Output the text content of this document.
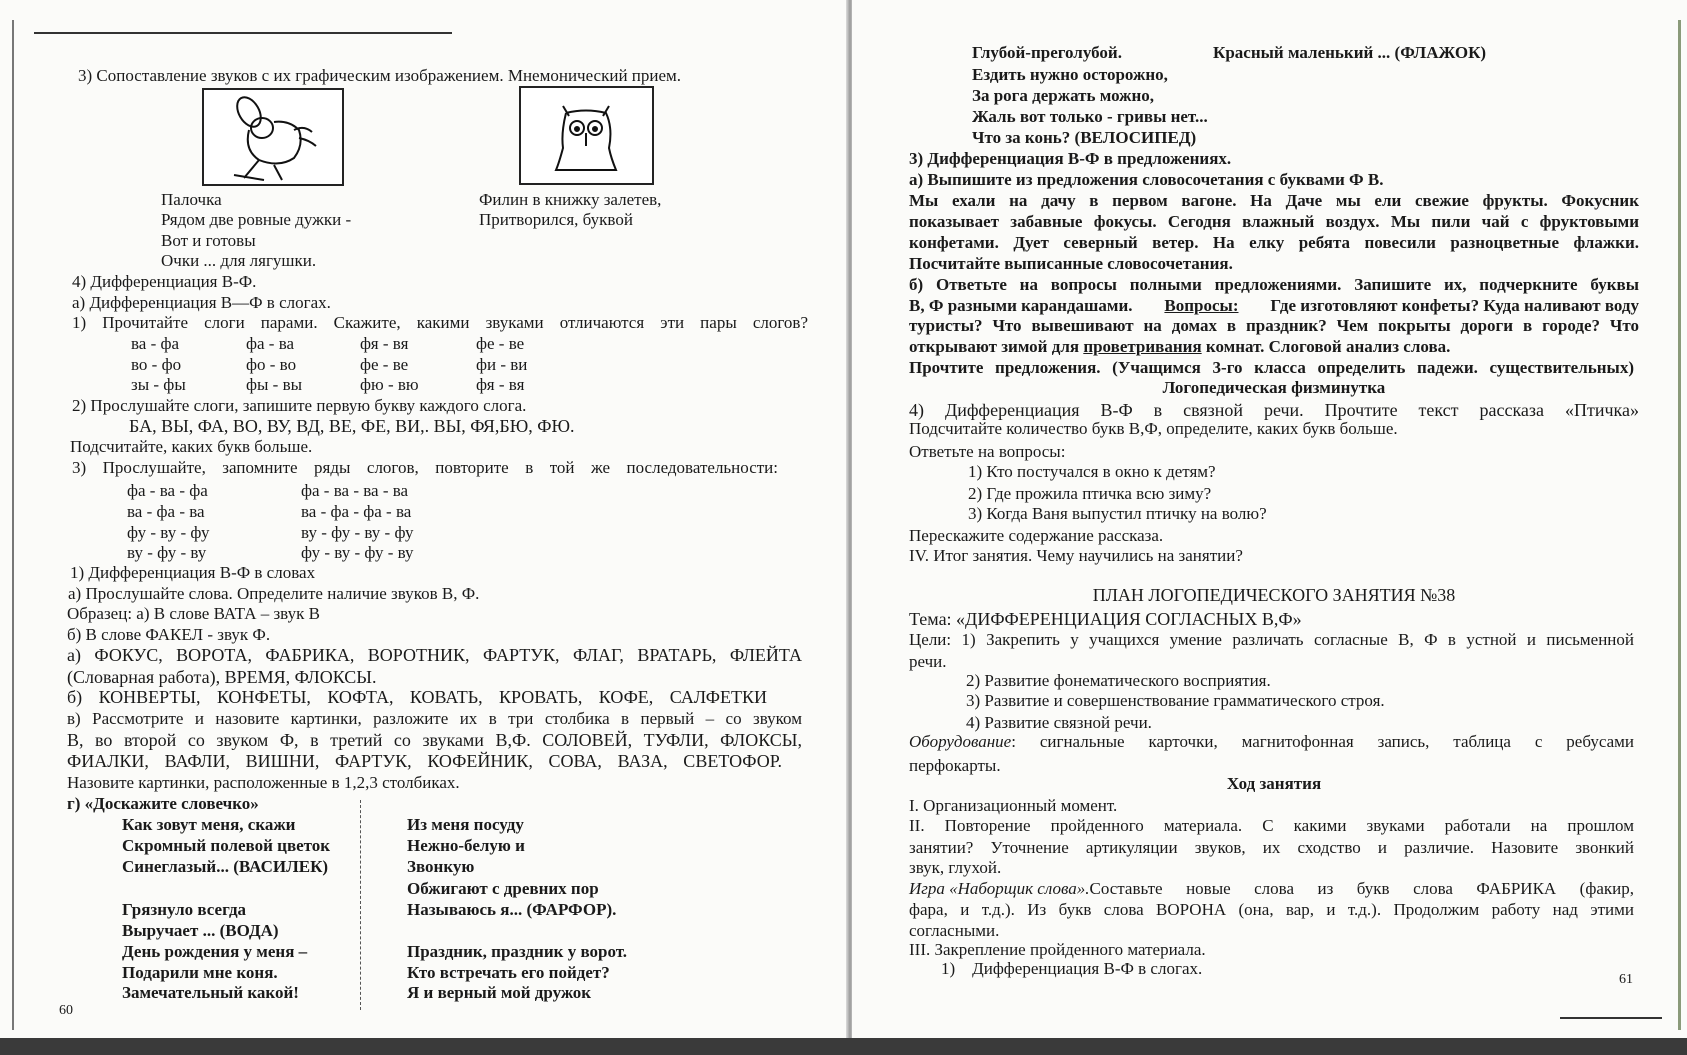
3) Сопоставление звуков с их графическим изображением. Мнемонический прием.
Палочка
Рядом две ровные дужки -
Вот и готовы
Очки ... для лягушки.
Филин в книжку залетев,
Притворился, буквой
4) Дифференциация В-Ф.
а) Дифференциация В—Ф в слогах.
1) Прочитайте слоги парами. Скажите, какими звуками отличаются эти пары слогов?
ва - фа	фа - ва	фя - вя	фе - ве
во - фо	фо - во	фе - ве	фи - ви
зы - фы	фы - вы	фю - вю	фя - вя
2) Прослушайте слоги, запишите первую букву каждого слога.
БА, ВЫ, ФА, ВО, ВУ, ВД, ВЕ, ФЕ, ВИ,. ВЫ, ФЯ,БЮ, ФЮ.
Подсчитайте, каких букв больше.
3) Прослушайте, запомните ряды слогов, повторите в той же последовательности:
фа - ва - фа	фа - ва - ва - ва
ва - фа - ва	ва - фа - фа - ва
фу - ву - фу	ву - фу - ву - фу
ву - фу - ву	фу - ву - фу - ву
1) Дифференциация В-Ф в словах
а) Прослушайте слова. Определите наличие звуков В, Ф.
Образец: а) В слове ВАТА – звук В
б) В слове ФАКЕЛ - звук Ф.
а) ФОКУС, ВОРОТА, ФАБРИКА, ВОРОТНИК, ФАРТУК, ФЛАГ, ВРАТАРЬ, ФЛЕЙТА
(Словарная работа), ВРЕМЯ, ФЛОКСЫ.
б) КОНВЕРТЫ, КОНФЕТЫ, КОФТА, КОВАТЬ, КРОВАТЬ, КОФЕ, САЛФЕТКИ
в) Рассмотрите и назовите картинки, разложите их в три столбика в первый – со звуком
В, во второй со звуком Ф, в третий со звуками В,Ф. СОЛОВЕЙ, ТУФЛИ, ФЛОКСЫ,
ФИАЛКИ, ВАФЛИ, ВИШНИ, ФАРТУК, КОФЕЙНИК, СОВА, ВАЗА, СВЕТОФОР.
Назовите картинки, расположенные в 1,2,3 столбиках.
г) «Доскажите словечко»
Как зовут меня, скажи
Скромный полевой цветок
Синеглазый... (ВАСИЛЕК)
Грязнуло всегда
Выручает ... (ВОДА)
День рождения у меня –
Подарили мне коня.
Замечательный какой!
Из меня посуду
Нежно-белую и
Звонкую
Обжигают с древних пор
Называюсь я... (ФАРФОР).
Праздник, праздник у ворот.
Кто встречать его пойдет?
Я и верный мой дружок
60
Глубой-преголубой.	Красный маленький ... (ФЛАЖОК)
Ездить нужно осторожно,
За рога держать можно,
Жаль вот только - гривы нет...
Что за конь? (ВЕЛОСИПЕД)
3) Дифференциация В-Ф в предложениях.
а) Выпишите из предложения словосочетания с буквами Ф В.
Мы ехали на дачу в первом вагоне. На Даче мы ели свежие фрукты. Фокусник
показывает забавные фокусы. Сегодня влажный воздух. Мы пили чай с фруктовыми
конфетами. Дует северный ветер. На елку ребята повесили разноцветные флажки.
Посчитайте выписанные словосочетания.
б) Ответьте на вопросы полными предложениями. Запишите их, подчеркните буквы
В, Ф разными карандашами. Вопросы: Где изготовляют конфеты? Куда наливают воду
туристы? Что вывешивают на домах в праздник? Чем покрыты дороги в городе? Что
открывают зимой для проветривания комнат. Слоговой анализ слова.
Прочтите предложения. (Учащимся 3-го класса определить падежи. существительных)
Логопедическая физминутка
4) Дифференциация В-Ф в связной речи. Прочтите текст рассказа «Птичка»
Подсчитайте количество букв В,Ф, определите, каких букв больше.
Ответьте на вопросы:
1) Кто постучался в окно к детям?
2) Где прожила птичка всю зиму?
3) Когда Ваня выпустил птичку на волю?
Перескажите содержание рассказа.
IV. Итог занятия. Чему научились на занятии?
ПЛАН ЛОГОПЕДИЧЕСКОГО ЗАНЯТИЯ №38
Тема: «ДИФФЕРЕНЦИАЦИЯ СОГЛАСНЫХ В,Ф»
Цели: 1) Закрепить у учащихся умение различать согласные В, Ф в устной и письменной
речи.
2) Развитие фонематического восприятия.
3) Развитие и совершенствование грамматического строя.
4) Развитие связной речи.
Оборудование : сигнальные карточки, магнитофонная запись, таблица с ребусами
перфокарты.
Ход занятия
I. Организационный момент.
II. Повторение пройденного материала. С какими звуками работали на прошлом
занятии? Уточнение артикуляции звуков, их сходство и различие. Назовите звонкий
звук, глухой.
Игра «Наборщик слова». Составьте новые слова из букв слова ФАБРИКА (факир,
фара, и т.д.). Из букв слова ВОРОНА (она, вар, и т.д.). Продолжим работу над этими
согласными.
III. Закрепление пройденного материала.
1)    Дифференциация В-Ф в слогах.
61
